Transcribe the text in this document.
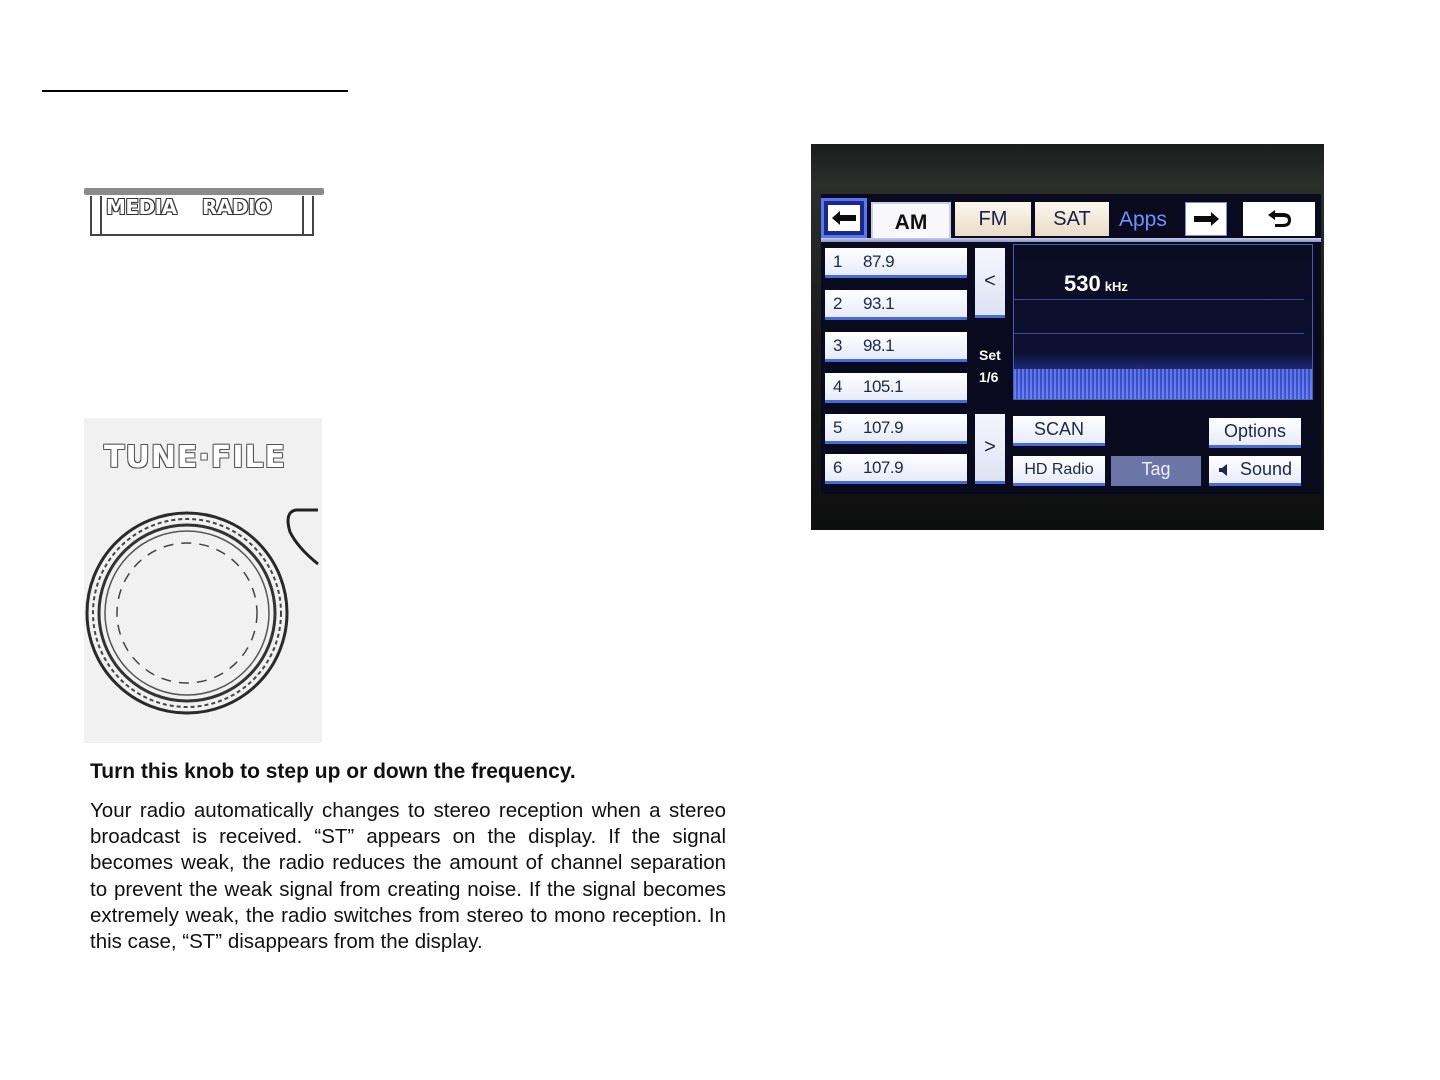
MEDIA RADIO
TUNE·FILE
Turn this knob to step up or down the frequency.
Your radio automatically changes to stereo reception when a stereo broadcast is received. “ST” appears on the display. If the signal becomes weak, the radio reduces the amount of channel separation to prevent the weak signal from creating noise. If the signal becomes extremely weak, the radio switches from stereo to mono reception. In this case, “ST” disappears from the display.
AM	FM SAT Apps
1	87.9
2	93.1
3	98.1
4	105.1
5	107.9
6	107.9
<
Set
1/6
>
530 kHz
SCAN	Options
HD Radio	Tag	Sound
